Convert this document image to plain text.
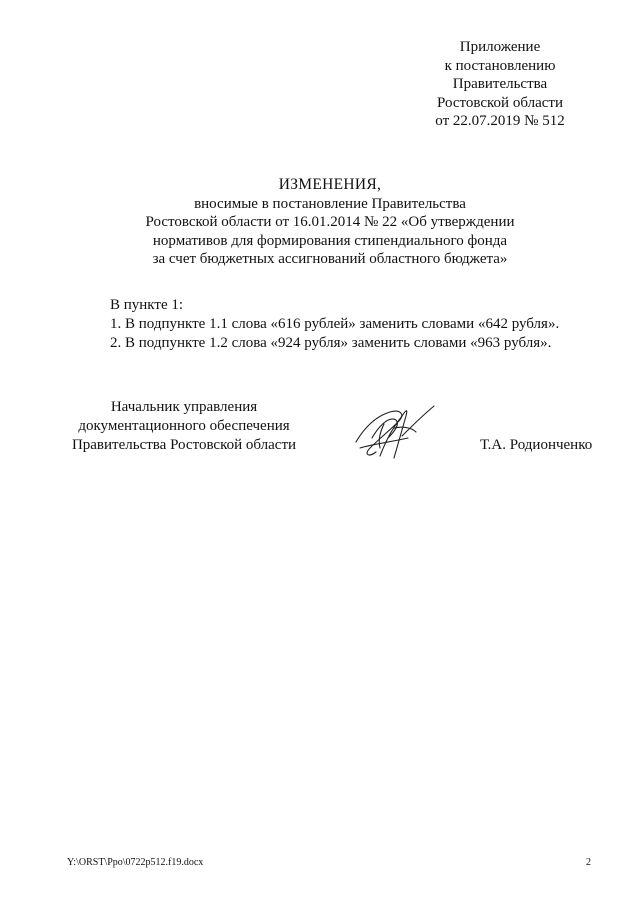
Приложение
к постановлению
Правительства
Ростовской области
от 22.07.2019 № 512
ИЗМЕНЕНИЯ,
вносимые в постановление Правительства
Ростовской области от 16.01.2014 № 22 «Об утверждении
нормативов для формирования стипендиального фонда
за счет бюджетных ассигнований областного бюджета»
В пункте 1:
1. В подпункте 1.1 слова «616 рублей» заменить словами «642 рубля».
2. В подпункте 1.2 слова «924 рубля» заменить словами «963 рубля».
Начальник управления
документационного обеспечения
Правительства Ростовской области	Т.А. Родионченко
Y:\ORST\Ppo\0722p512.f19.docx	2
